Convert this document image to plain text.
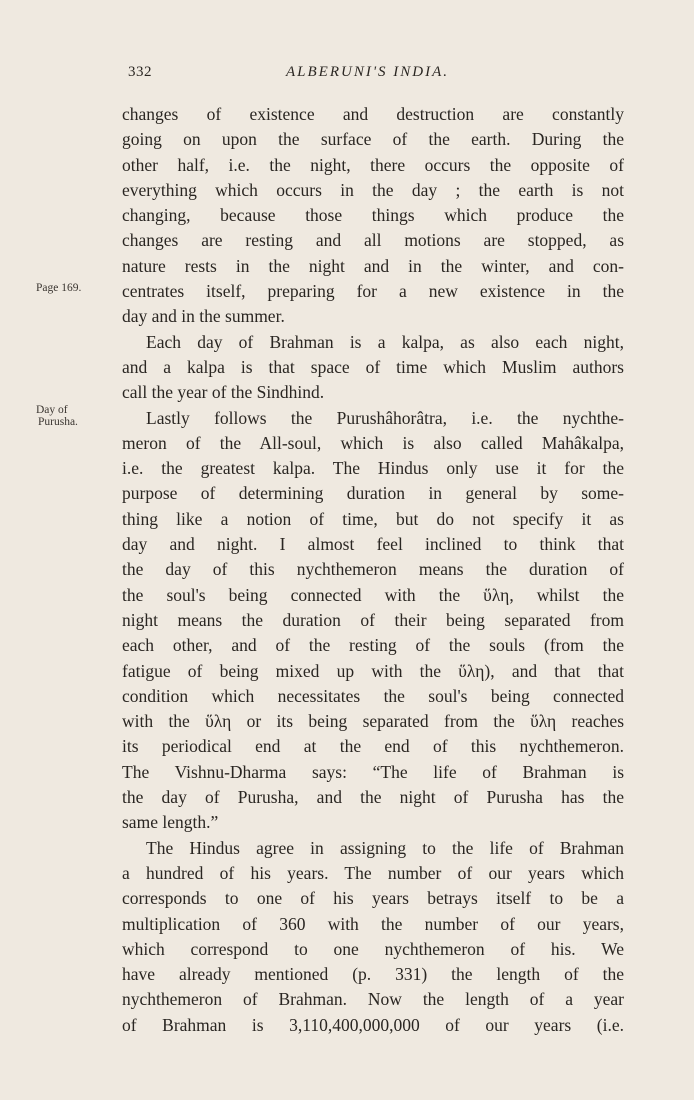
332	ALBERUNI'S INDIA.
Page 169.
Day of
Purusha.
changes of existence and destruction are constantly
going on upon the surface of the earth. During the
other half, i.e. the night, there occurs the opposite of
everything which occurs in the day ; the earth is not
changing, because those things which produce the
changes are resting and all motions are stopped, as
nature rests in the night and in the winter, and con-
centrates itself, preparing for a new existence in the
day and in the summer.
Each day of Brahman is a kalpa, as also each night,
and a kalpa is that space of time which Muslim authors
call the year of the Sindhind.
Lastly follows the Purushâhorâtra, i.e. the nychthe-
meron of the All-soul, which is also called Mahâkalpa,
i.e. the greatest kalpa. The Hindus only use it for the
purpose of determining duration in general by some-
thing like a notion of time, but do not specify it as
day and night. I almost feel inclined to think that
the day of this nychthemeron means the duration of
the soul's being connected with the ὕλη, whilst the
night means the duration of their being separated from
each other, and of the resting of the souls (from the
fatigue of being mixed up with the ὕλη), and that that
condition which necessitates the soul's being connected
with the ὕλη or its being separated from the ὕλη reaches
its periodical end at the end of this nychthemeron.
The Vishnu-Dharma says: “The life of Brahman is
the day of Purusha, and the night of Purusha has the
same length.”
The Hindus agree in assigning to the life of Brahman
a hundred of his years. The number of our years which
corresponds to one of his years betrays itself to be a
multiplication of 360 with the number of our years,
which correspond to one nychthemeron of his. We
have already mentioned (p. 331) the length of the
nychthemeron of Brahman. Now the length of a year
of Brahman is 3,110,400,000,000 of our years (i.e.
